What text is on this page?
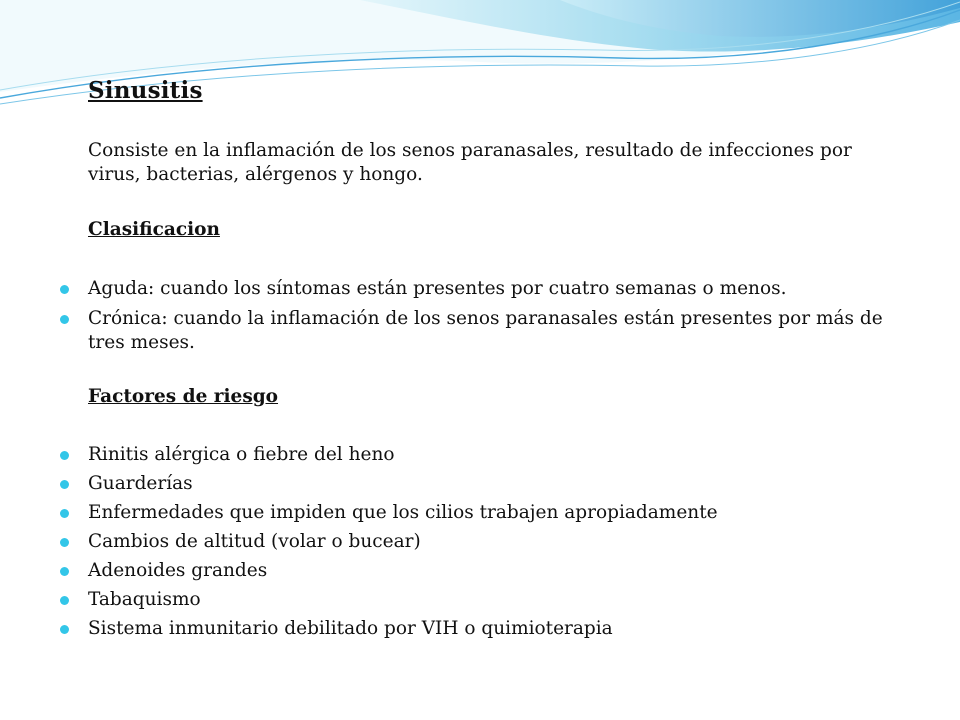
Sinusitis

Consiste en la inflamación de los senos paranasales, resultado de infecciones por virus, bacterias, alérgenos y hongo.

Clasificacion
Aguda: cuando los síntomas están presentes por cuatro semanas o menos.
Crónica: cuando la inflamación de los senos paranasales están presentes por más de tres meses.
Factores de riesgo
Rinitis alérgica o fiebre del heno
Guarderías
Enfermedades que impiden que los cilios trabajen apropiadamente
Cambios de altitud (volar o bucear)
Adenoides grandes
Tabaquismo
Sistema inmunitario debilitado por VIH o quimioterapia
